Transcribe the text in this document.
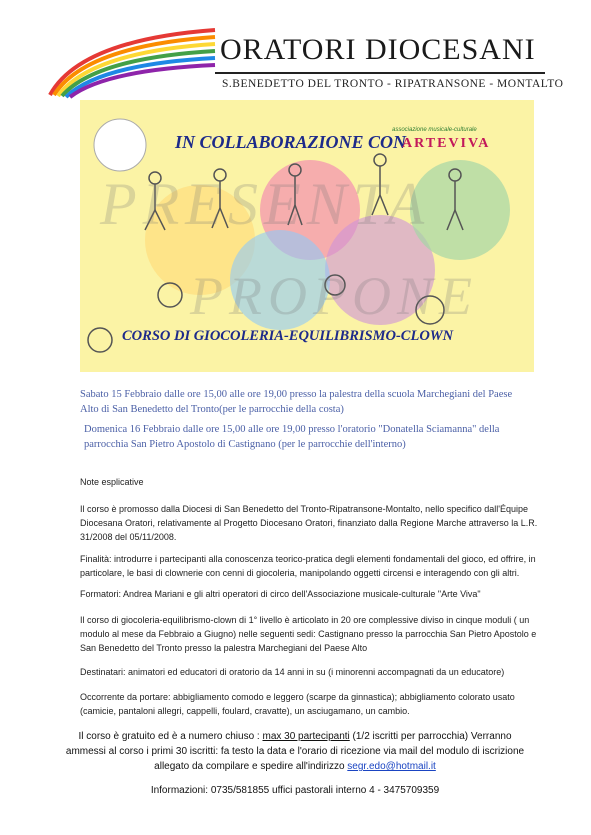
ORATORI DIOCESANI
S.BENEDETTO DEL TRONTO - RIPATRANSONE - MONTALTO
IN COLLABORAZIONE CON
associazione musicale-culturale
ARTEVIVA
PRESENTA
PROPONE
CORSO DI GIOCOLERIA-EQUILIBRISMO-CLOWN
Sabato 15 Febbraio dalle ore 15,00 alle ore 19,00 presso la palestra della scuola Marchegiani del Paese
Alto di San Benedetto del Tronto(per le parrocchie della costa)
Domenica 16 Febbraio dalle ore 15,00 alle ore 19,00 presso l'oratorio "Donatella Sciamanna" della
parrocchia San Pietro Apostolo di Castignano (per le parrocchie dell'interno)
Note esplicative
Il corso è promosso dalla Diocesi di San Benedetto del Tronto-Ripatransone-Montalto, nello specifico dall'Équipe Diocesana Oratori, relativamente al Progetto Diocesano Oratori, finanziato dalla Regione Marche attraverso la L.R. 31/2008 del 05/11/2008.
Finalità: introdurre i partecipanti alla conoscenza teorico-pratica degli elementi fondamentali del gioco, ed offrire, in particolare, le basi di clownerie con cenni di giocoleria, manipolando oggetti circensi e interagendo con gli altri.
Formatori: Andrea Mariani e gli altri operatori di circo dell'Associazione musicale-culturale "Arte Viva"
Il corso di giocoleria-equilibrismo-clown di 1° livello è articolato in 20 ore complessive diviso in cinque moduli ( un modulo al mese da Febbraio a Giugno) nelle seguenti sedi: Castignano presso la parrocchia San Pietro Apostolo e San Benedetto del Tronto presso la palestra Marchegiani del Paese Alto
Destinatari: animatori ed educatori di oratorio da 14 anni in su (i minorenni accompagnati da un educatore)
Occorrente da portare: abbigliamento comodo e leggero (scarpe da ginnastica); abbigliamento colorato usato (camicie, pantaloni allegri, cappelli, foulard, cravatte), un asciugamano, un cambio.
Il corso è gratuito ed è a numero chiuso : max 30 partecipanti (1/2 iscritti per parrocchia) Verranno
ammessi al corso i primi 30 iscritti: fa testo la data e l'orario di ricezione via mail del modulo di iscrizione
allegato da compilare e spedire all'indirizzo segr.edo@hotmail.it
Informazioni: 0735/581855 uffici pastorali interno 4 - 3475709359
